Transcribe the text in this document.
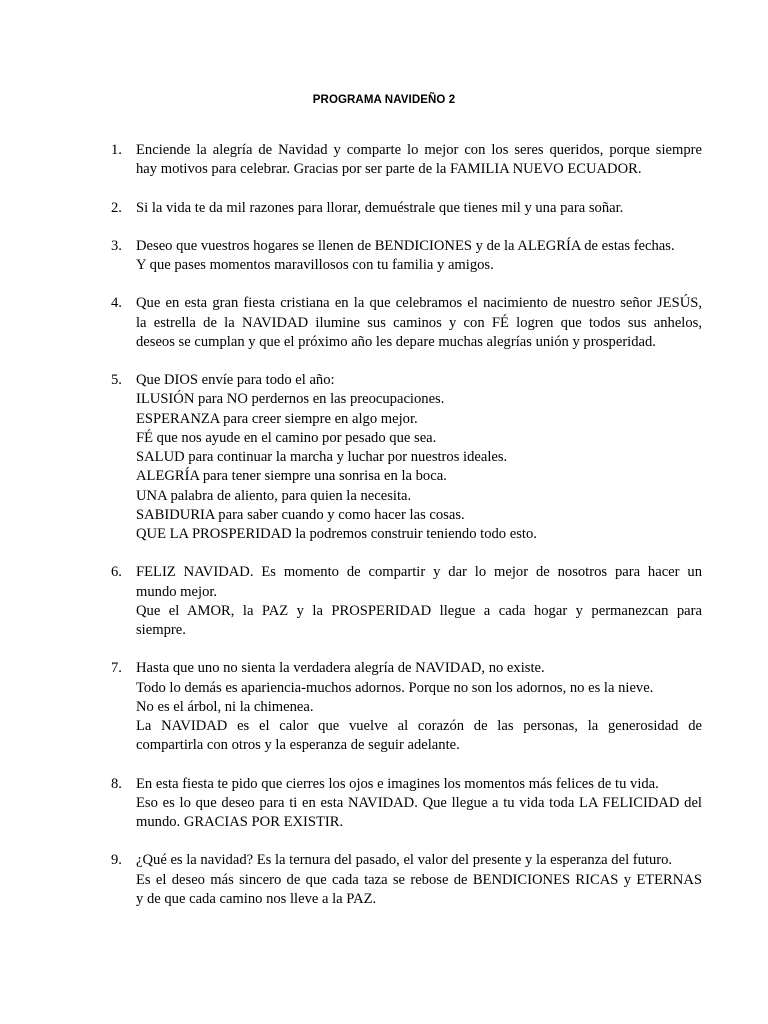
PROGRAMA NAVIDEÑO 2
1. Enciende la alegría de Navidad y comparte lo mejor con los seres queridos, porque siempre
hay motivos para celebrar. Gracias por ser parte de la FAMILIA NUEVO ECUADOR.
2. Si la vida te da mil razones para llorar, demuéstrale que tienes mil y una para soñar.
3. Deseo que vuestros hogares se llenen de BENDICIONES y de la ALEGRÍA de estas fechas.
Y que pases momentos maravillosos con tu familia y amigos.
4. Que en esta gran fiesta cristiana en la que celebramos el nacimiento de nuestro señor JESÚS,
la estrella de la NAVIDAD ilumine sus caminos y con FÉ logren que todos sus anhelos,
deseos se cumplan y que el próximo año les depare muchas alegrías unión y prosperidad.
5. Que DIOS envíe para todo el año:
ILUSIÓN para NO perdernos en las preocupaciones.
ESPERANZA para creer siempre en algo mejor.
FÉ que nos ayude en el camino por pesado que sea.
SALUD para continuar la marcha y luchar por nuestros ideales.
ALEGRÍA para tener siempre una sonrisa en la boca.
UNA palabra de aliento, para quien la necesita.
SABIDURIA para saber cuando y como hacer las cosas.
QUE LA PROSPERIDAD la podremos construir teniendo todo esto.
6. FELIZ NAVIDAD. Es momento de compartir y dar lo mejor de nosotros para hacer un
mundo mejor.
Que el AMOR, la PAZ y la PROSPERIDAD llegue a cada hogar y permanezcan para
siempre.
7. Hasta que uno no sienta la verdadera alegría de NAVIDAD, no existe.
Todo lo demás es apariencia-muchos adornos. Porque no son los adornos, no es la nieve.
No es el árbol, ni la chimenea.
La NAVIDAD es el calor que vuelve al corazón de las personas, la generosidad de
compartirla con otros y la esperanza de seguir adelante.
8. En esta fiesta te pido que cierres los ojos e imagines los momentos más felices de tu vida.
Eso es lo que deseo para ti en esta NAVIDAD. Que llegue a tu vida toda LA FELICIDAD del
mundo. GRACIAS POR EXISTIR.
9. ¿Qué es la navidad? Es la ternura del pasado, el valor del presente y la esperanza del futuro.
Es el deseo más sincero de que cada taza se rebose de BENDICIONES RICAS y ETERNAS
y de que cada camino nos lleve a la PAZ.
